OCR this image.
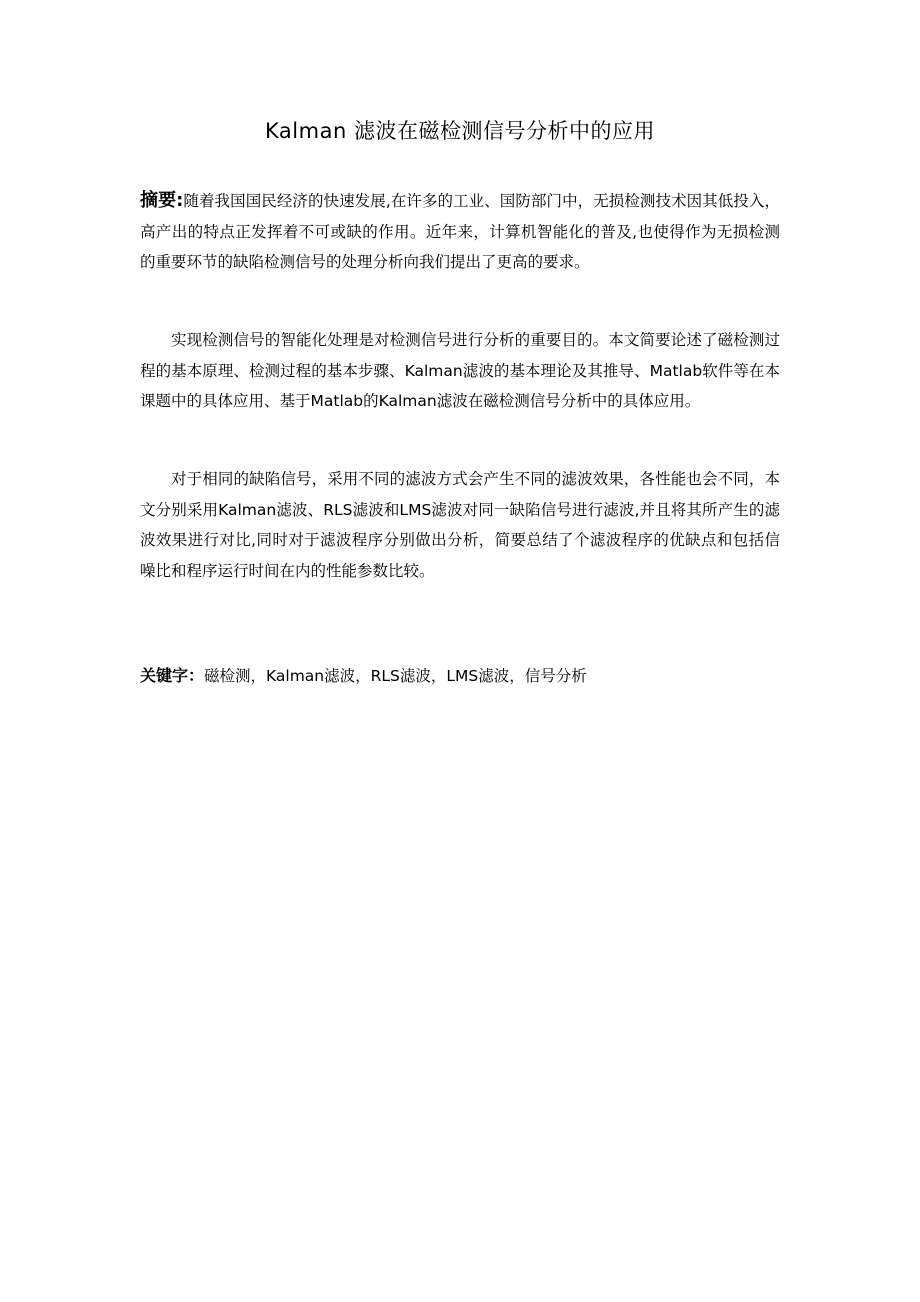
Kalman 滤波在磁检测信号分析中的应用
摘要:随着我国国民经济的快速发展,在许多的工业、国防部门中，无损检测技术因其低投入，高产出的特点正发挥着不可或缺的作用。近年来，计算机智能化的普及,也使得作为无损检测的重要环节的缺陷检测信号的处理分析向我们提出了更高的要求。
实现检测信号的智能化处理是对检测信号进行分析的重要目的。本文简要论述了磁检测过程的基本原理、检测过程的基本步骤、Kalman滤波的基本理论及其推导、Matlab软件等在本课题中的具体应用、基于Matlab的Kalman滤波在磁检测信号分析中的具体应用。
对于相同的缺陷信号，采用不同的滤波方式会产生不同的滤波效果，各性能也会不同，本文分别采用Kalman滤波、RLS滤波和LMS滤波对同一缺陷信号进行滤波,并且将其所产生的滤波效果进行对比,同时对于滤波程序分别做出分析，简要总结了个滤波程序的优缺点和包括信噪比和程序运行时间在内的性能参数比较。
关键字：磁检测，Kalman滤波，RLS滤波，LMS滤波，信号分析
